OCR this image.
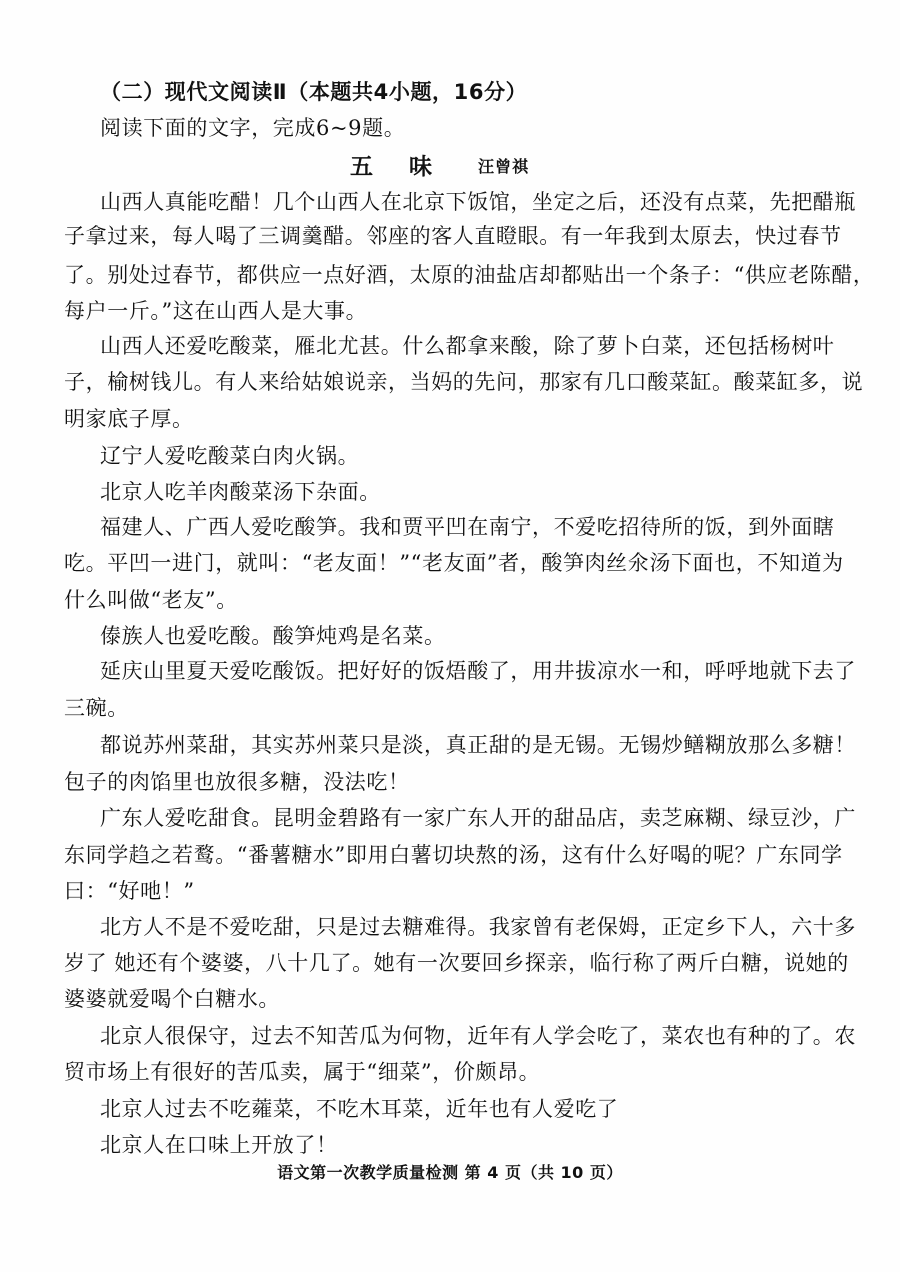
（二）现代文阅读Ⅱ（本题共4小题，16分）
阅读下面的文字，完成6~9题。
五 味 汪曾祺
山西人真能吃醋！几个山西人在北京下饭馆，坐定之后，还没有点菜，先把醋瓶
子拿过来，每人喝了三调羹醋。邻座的客人直瞪眼。有一年我到太原去，快过春节
了。别处过春节，都供应一点好酒，太原的油盐店却都贴出一个条子：“供应老陈醋，
每户一斤。”这在山西人是大事。
山西人还爱吃酸菜，雁北尤甚。什么都拿来酸，除了萝卜白菜，还包括杨树叶
子，榆树钱儿。有人来给姑娘说亲，当妈的先问，那家有几口酸菜缸。酸菜缸多，说
明家底子厚。
辽宁人爱吃酸菜白肉火锅。
北京人吃羊肉酸菜汤下杂面。
福建人、广西人爱吃酸笋。我和贾平凹在南宁，不爱吃招待所的饭，到外面瞎
吃。平凹一进门，就叫：“老友面！”“老友面”者，酸笋肉丝氽汤下面也，不知道为
什么叫做“老友”。
傣族人也爱吃酸。酸笋炖鸡是名菜。
延庆山里夏天爱吃酸饭。把好好的饭焐酸了，用井拔凉水一和，呼呼地就下去了
三碗。
都说苏州菜甜，其实苏州菜只是淡，真正甜的是无锡。无锡炒鳝糊放那么多糖！
包子的肉馅里也放很多糖，没法吃！
广东人爱吃甜食。昆明金碧路有一家广东人开的甜品店，卖芝麻糊、绿豆沙，广
东同学趋之若鹜。“番薯糖水”即用白薯切块熬的汤，这有什么好喝的呢？广东同学
曰：“好吔！”
北方人不是不爱吃甜，只是过去糖难得。我家曾有老保姆，正定乡下人，六十多
岁了 她还有个婆婆，八十几了。她有一次要回乡探亲，临行称了两斤白糖，说她的
婆婆就爱喝个白糖水。
北京人很保守，过去不知苦瓜为何物，近年有人学会吃了，菜农也有种的了。农
贸市场上有很好的苦瓜卖，属于“细菜”，价颇昂。
北京人过去不吃蕹菜，不吃木耳菜，近年也有人爱吃了
北京人在口味上开放了！
语文第一次教学质量检测 第 4 页（共 10 页）
